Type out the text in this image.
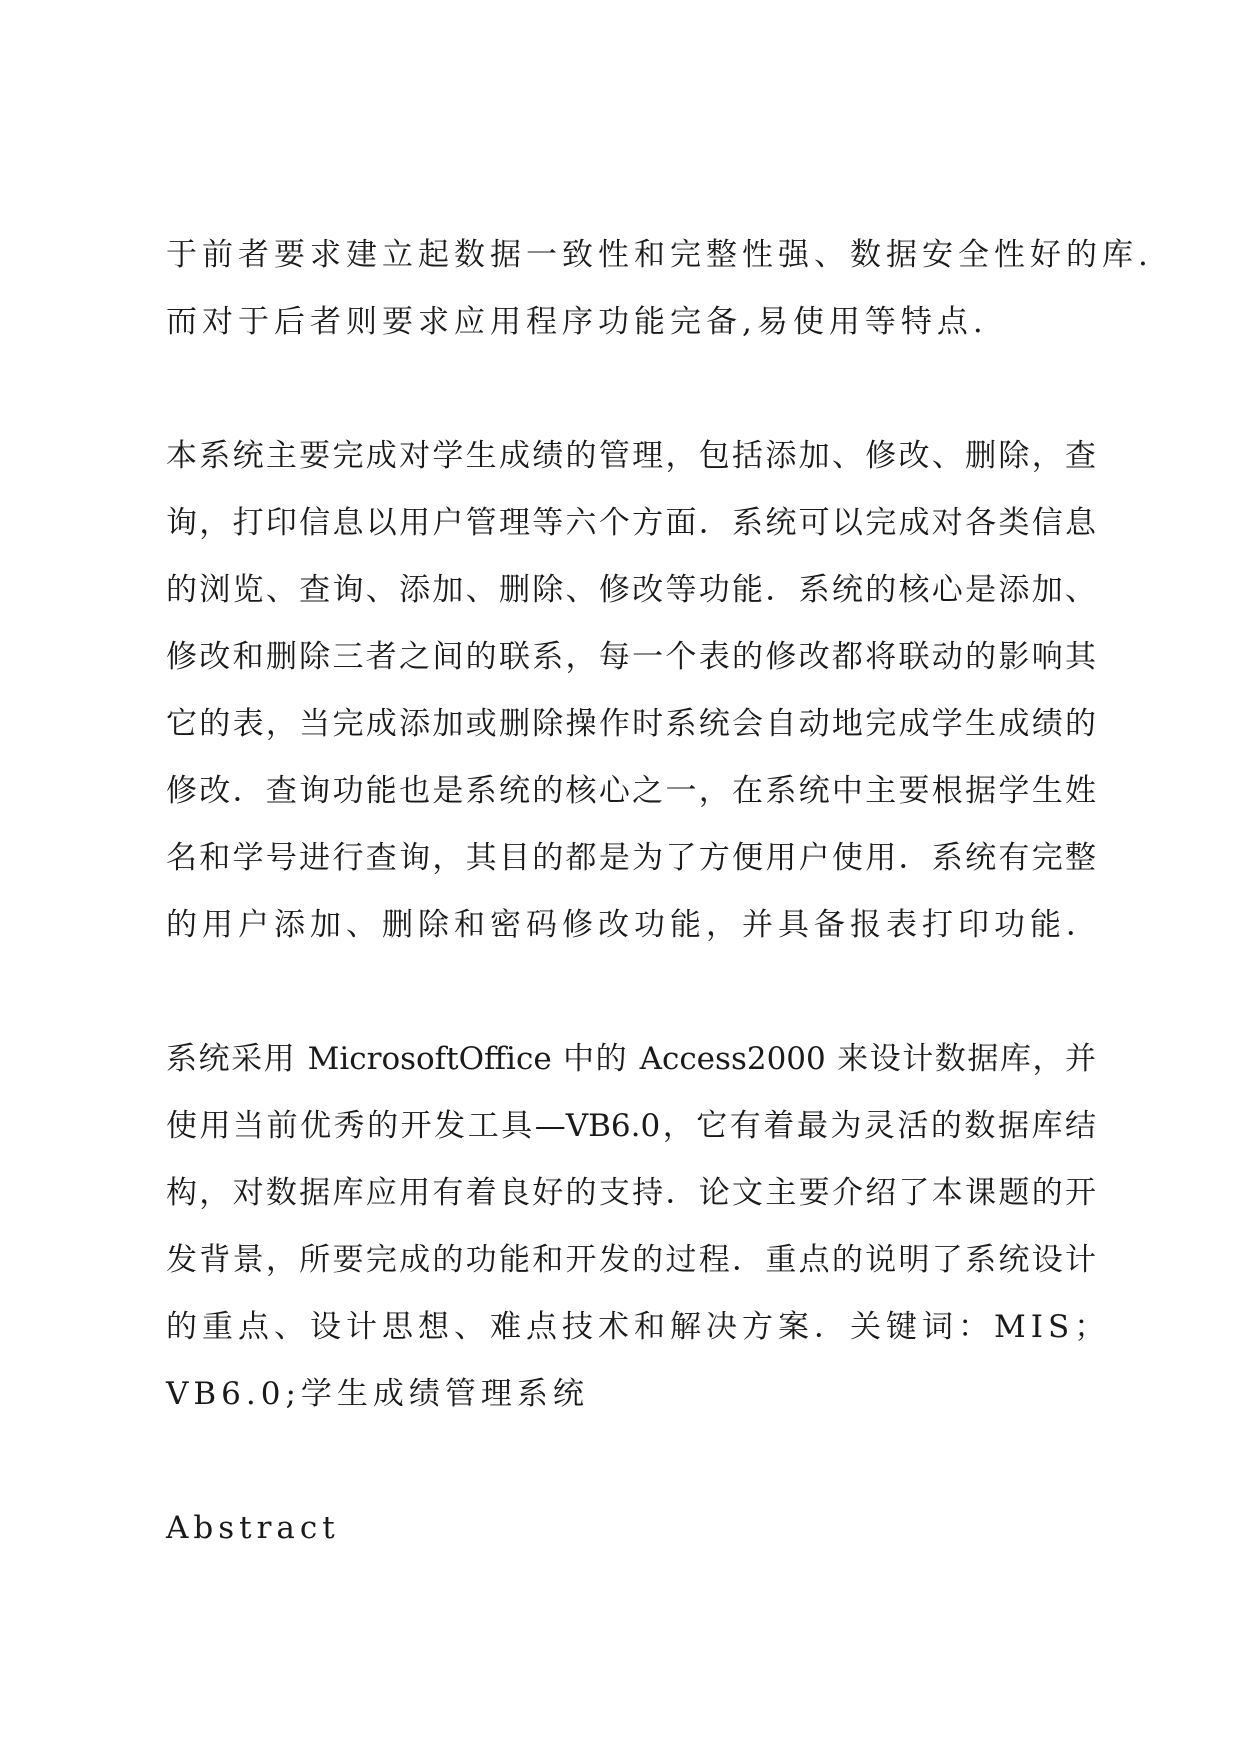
于前者要求建立起数据一致性和完整性强、数据安全性好的库.
而对于后者则要求应用程序功能完备,易使用等特点.
本系统主要完成对学生成绩的管理，包括添加、修改、删除，查
询，打印信息以用户管理等六个方面．系统可以完成对各类信息
的浏览、查询、添加、删除、修改等功能．系统的核心是添加、
修改和删除三者之间的联系，每一个表的修改都将联动的影响其
它的表，当完成添加或删除操作时系统会自动地完成学生成绩的
修改．查询功能也是系统的核心之一，在系统中主要根据学生姓
名和学号进行查询，其目的都是为了方便用户使用．系统有完整
的用户添加、删除和密码修改功能，并具备报表打印功能．
系统采用 MicrosoftOffice 中的 Access2000 来设计数据库，并
使用当前优秀的开发工具—VB6.0，它有着最为灵活的数据库结
构，对数据库应用有着良好的支持．论文主要介绍了本课题的开
发背景，所要完成的功能和开发的过程．重点的说明了系统设计
的重点、设计思想、难点技术和解决方案．关键词：MIS；
VB6.0;学生成绩管理系统
Abstract
